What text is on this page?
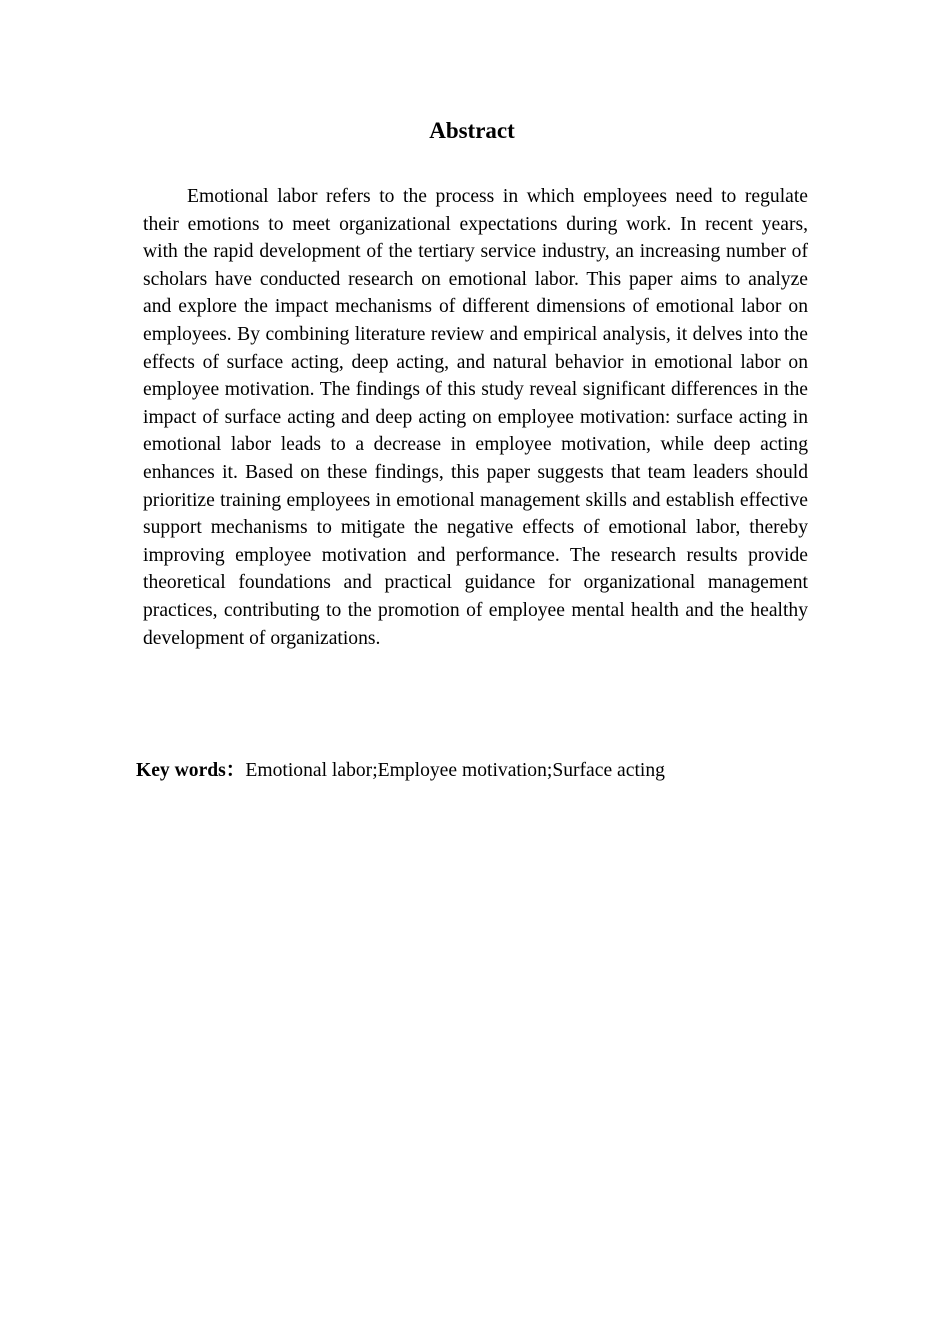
Abstract

Emotional labor refers to the process in which employees need to regulate their emotions to meet organizational expectations during work. In recent years, with the rapid development of the tertiary service industry, an increasing number of scholars have conducted research on emotional labor. This paper aims to analyze and explore the impact mechanisms of different dimensions of emotional labor on employees. By combining literature review and empirical analysis, it delves into the effects of surface acting, deep acting, and natural behavior in emotional labor on employee motivation. The findings of this study reveal significant differences in the impact of surface acting and deep acting on employee motivation: surface acting in emotional labor leads to a decrease in employee motivation, while deep acting enhances it. Based on these findings, this paper suggests that team leaders should prioritize training employees in emotional management skills and establish effective support mechanisms to mitigate the negative effects of emotional labor, thereby improving employee motivation and performance. The research results provide theoretical foundations and practical guidance for organizational management practices, contributing to the promotion of employee mental health and the healthy development of organizations.

Key words：Emotional labor;Employee motivation;Surface acting
